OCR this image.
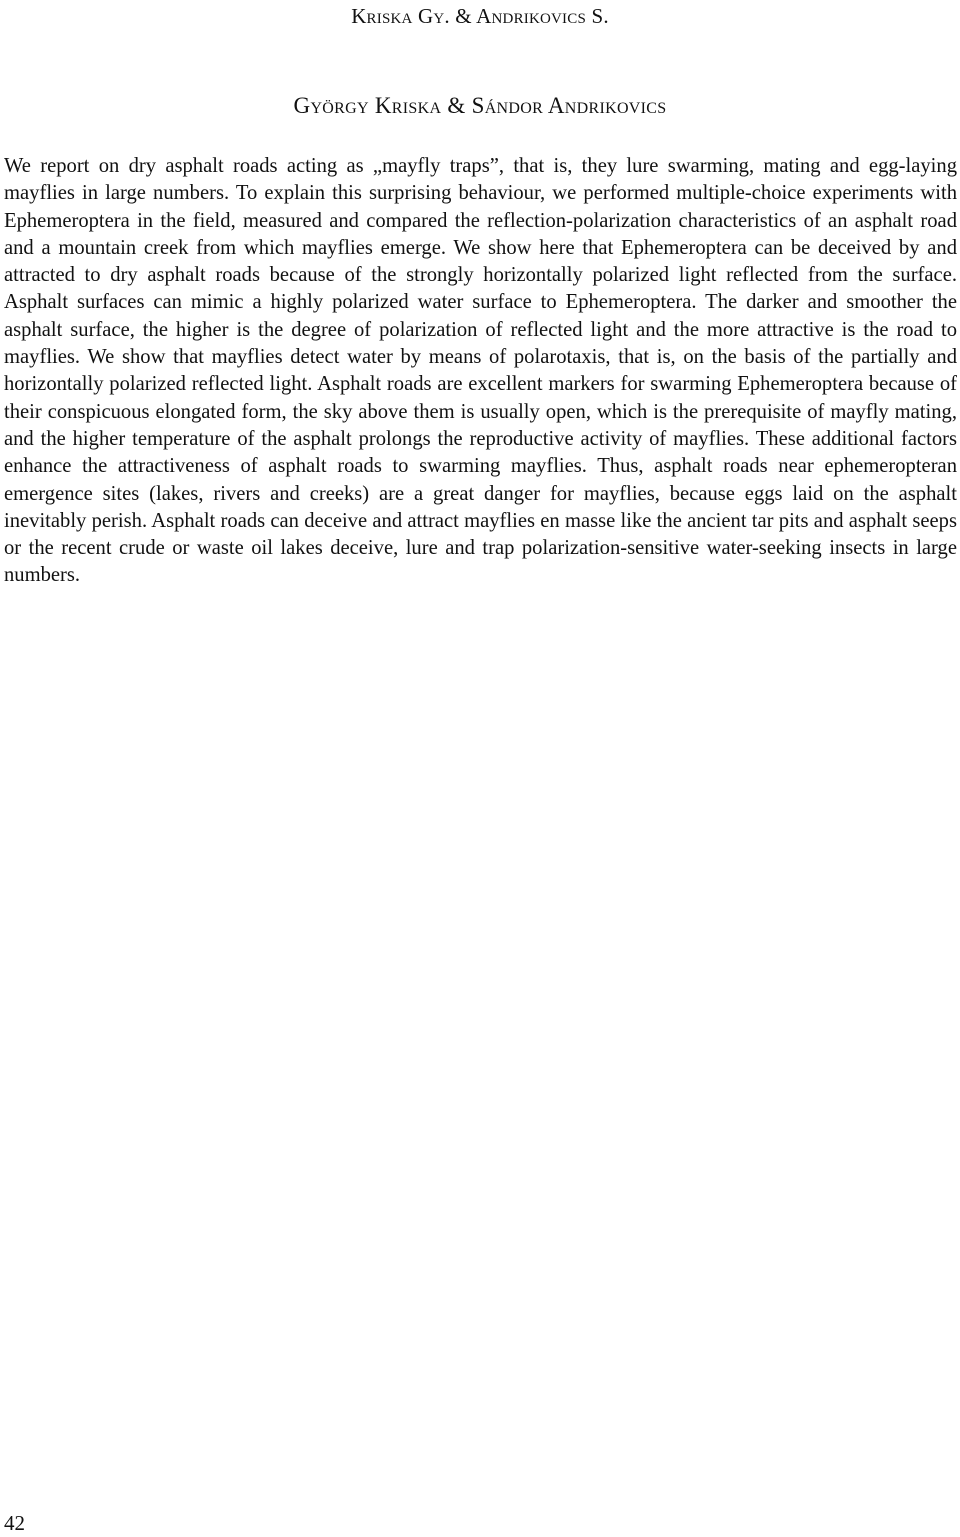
Kriska Gy. & Andrikovics S.
György Kriska & Sándor Andrikovics

We report on dry asphalt roads acting as „mayfly traps”, that is, they lure swarming, mating and egg-laying mayflies in large numbers. To explain this surprising behaviour, we performed multiple-choice experiments with Ephemeroptera in the field, measured and compared the reflection-polarization characteristics of an asphalt road and a mountain creek from which mayflies emerge. We show here that Ephemeroptera can be deceived by and attracted to dry asphalt roads because of the strongly horizontally polarized light reflected from the surface. Asphalt surfaces can mimic a highly polarized water surface to Ephemeroptera. The darker and smoother the asphalt surface, the higher is the degree of polarization of reflected light and the more attractive is the road to mayflies. We show that mayflies detect water by means of polarotaxis, that is, on the basis of the partially and horizontally polarized reflected light. Asphalt roads are excellent markers for swarming Ephemeroptera because of their conspicuous elongated form, the sky above them is usually open, which is the prerequisite of mayfly mating, and the higher temperature of the asphalt prolongs the reproductive activity of mayflies. These additional factors enhance the attractiveness of asphalt roads to swarming mayflies. Thus, asphalt roads near ephemeropteran emergence sites (lakes, rivers and creeks) are a great danger for mayflies, because eggs laid on the asphalt inevitably perish. Asphalt roads can deceive and attract mayflies en masse like the ancient tar pits and asphalt seeps or the recent crude or waste oil lakes deceive, lure and trap polarization-sensitive water-seeking insects in large numbers.

42
